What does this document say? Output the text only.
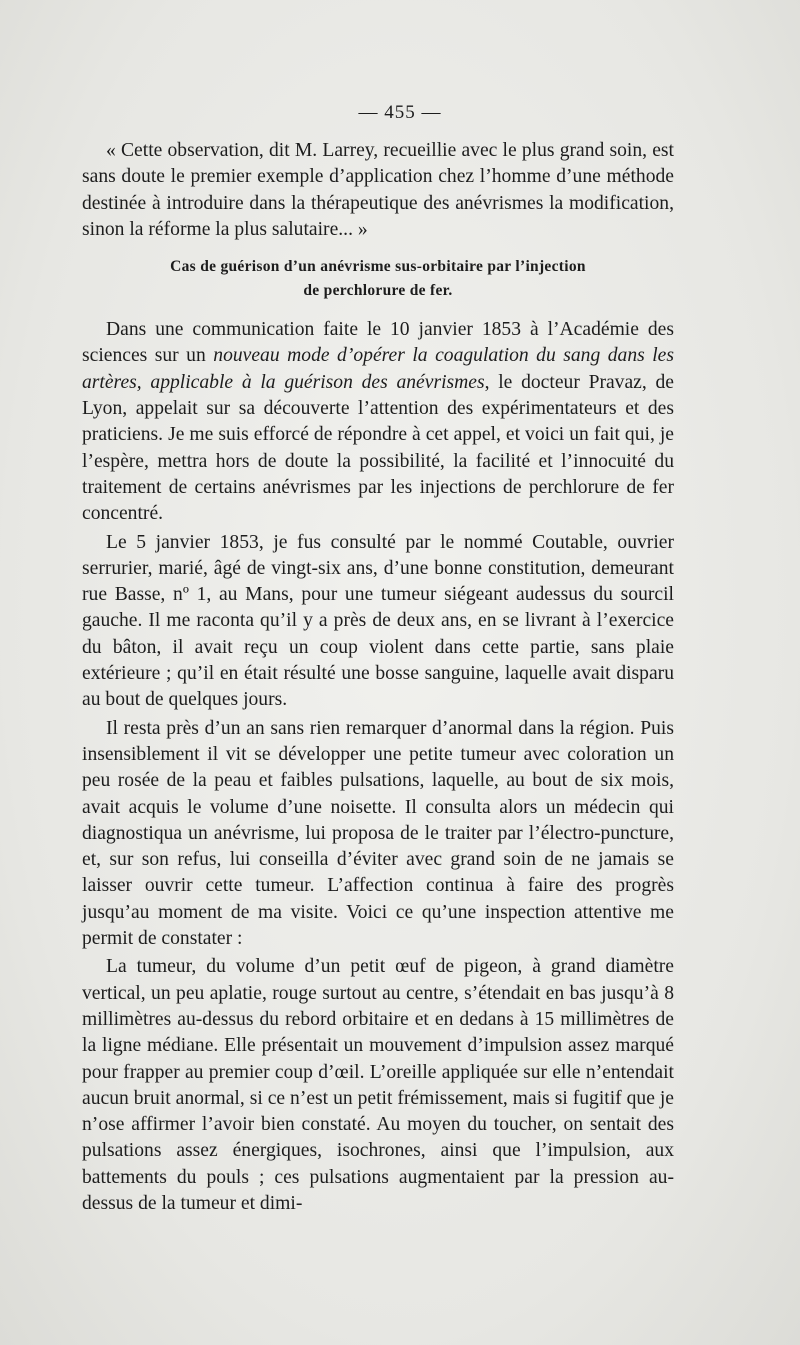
— 455 —

« Cette observation, dit M. Larrey, recueillie avec le plus grand soin, est sans doute le premier exemple d’application chez l’homme d’une méthode destinée à introduire dans la thérapeutique des anévrismes la modification, sinon la réforme la plus salutaire... »

Cas de guérison d’un anévrisme sus-orbitaire par l’injection
de perchlorure de fer.

Dans une communication faite le 10 janvier 1853 à l’Académie des sciences sur un nouveau mode d’opérer la coagulation du sang dans les artères, applicable à la guérison des anévrismes, le docteur Pravaz, de Lyon, appelait sur sa découverte l’attention des expérimentateurs et des praticiens. Je me suis efforcé de répondre à cet appel, et voici un fait qui, je l’espère, mettra hors de doute la possibilité, la facilité et l’innocuité du traitement de certains anévrismes par les injections de perchlorure de fer concentré.

Le 5 janvier 1853, je fus consulté par le nommé Coutable, ouvrier serrurier, marié, âgé de vingt-six ans, d’une bonne constitution, demeurant rue Basse, nº 1, au Mans, pour une tumeur siégeant audessus du sourcil gauche. Il me raconta qu’il y a près de deux ans, en se livrant à l’exercice du bâton, il avait reçu un coup violent dans cette partie, sans plaie extérieure ; qu’il en était résulté une bosse sanguine, laquelle avait disparu au bout de quelques jours.

Il resta près d’un an sans rien remarquer d’anormal dans la région. Puis insensiblement il vit se développer une petite tumeur avec coloration un peu rosée de la peau et faibles pulsations, laquelle, au bout de six mois, avait acquis le volume d’une noisette. Il consulta alors un médecin qui diagnostiqua un anévrisme, lui proposa de le traiter par l’électro-puncture, et, sur son refus, lui conseilla d’éviter avec grand soin de ne jamais se laisser ouvrir cette tumeur. L’affection continua à faire des progrès jusqu’au moment de ma visite. Voici ce qu’une inspection attentive me permit de constater :

La tumeur, du volume d’un petit œuf de pigeon, à grand diamètre vertical, un peu aplatie, rouge surtout au centre, s’étendait en bas jusqu’à 8 millimètres au-dessus du rebord orbitaire et en dedans à 15 millimètres de la ligne médiane. Elle présentait un mouvement d’impulsion assez marqué pour frapper au premier coup d’œil. L’oreille appliquée sur elle n’entendait aucun bruit anormal, si ce n’est un petit frémissement, mais si fugitif que je n’ose affirmer l’avoir bien constaté. Au moyen du toucher, on sentait des pulsations assez énergiques, isochrones, ainsi que l’impulsion, aux battements du pouls ; ces pulsations augmentaient par la pression au-dessus de la tumeur et dimi-
